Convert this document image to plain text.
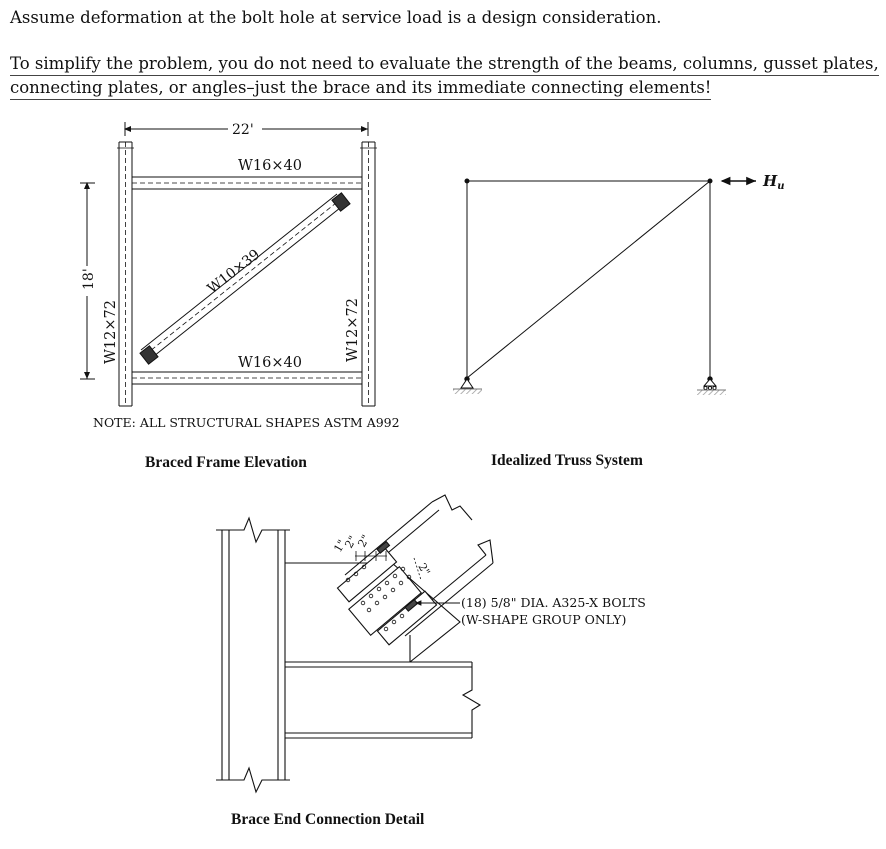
Assume deformation at the bolt hole at service load is a design consideration.

To simplify the problem, you do not need to evaluate the strength of the beams, columns, gusset plates,
connecting plates, or angles–just the brace and its immediate connecting elements!

22'
18'
W16×40
W16×40
W12×72	W12×72
W10×39
NOTE: ALL STRUCTURAL SHAPES ASTM A992
Braced Frame Elevation
$H_u$
Idealized Truss System
1"
2"
2"
2"
(18) 5/8" DIA. A325-X BOLTS
(W-SHAPE GROUP ONLY)
Brace End Connection Detail
